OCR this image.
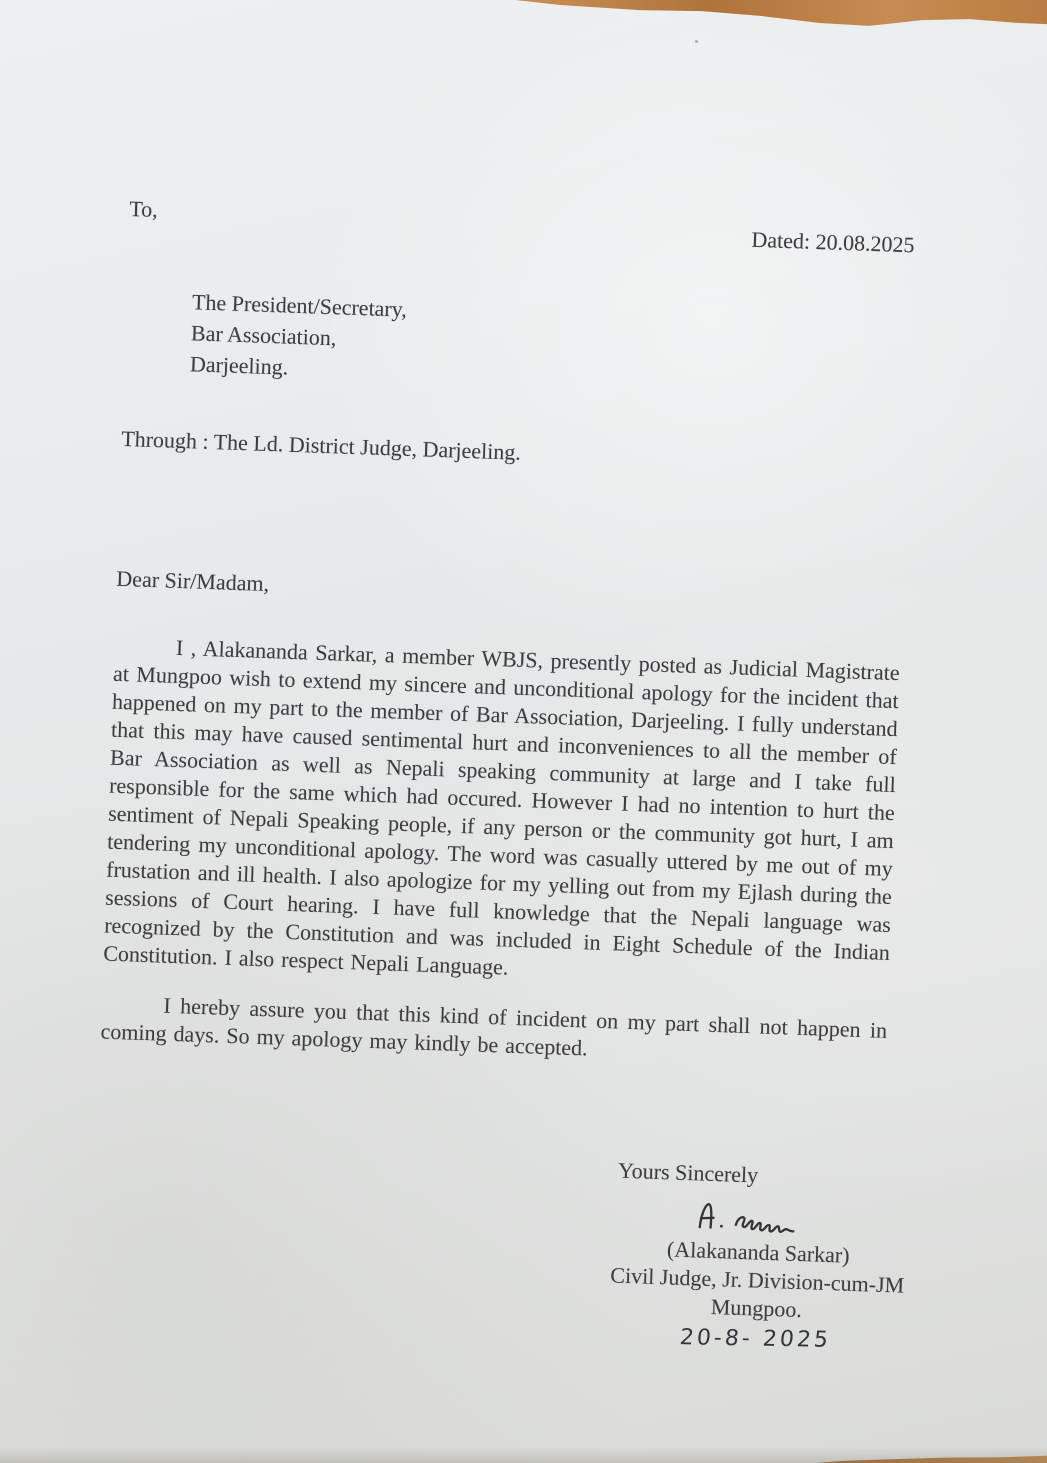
To,
Dated: 20.08.2025
The President/Secretary,
Bar Association,
Darjeeling.
Through : The Ld. District Judge, Darjeeling.
Dear Sir/Madam,

I , Alakananda Sarkar, a member WBJS, presently posted as Judicial Magistrate at Mungpoo wish to extend my sincere and unconditional apology for the incident that happened on my part to the member of Bar Association, Darjeeling. I fully understand that this may have caused sentimental hurt and inconveniences to all the member of Bar Association as well as Nepali speaking community at large and I take full responsible for the same which had occured. However I had no intention to hurt the sentiment of Nepali Speaking people, if any person or the community got hurt, I am tendering my unconditional apology. The word was casually uttered by me out of my frustation and ill health. I also apologize for my yelling out from my Ejlash during the sessions of Court hearing. I have full knowledge that the Nepali language was recognized by the Constitution and was included in Eight Schedule of the Indian Constitution. I also respect Nepali Language.

I hereby assure you that this kind of incident on my part shall not happen in coming days. So my apology may kindly be accepted.

Yours Sincerely
(Alakananda Sarkar)
Civil Judge, Jr. Division-cum-JM
Mungpoo.
20-8- 2025
